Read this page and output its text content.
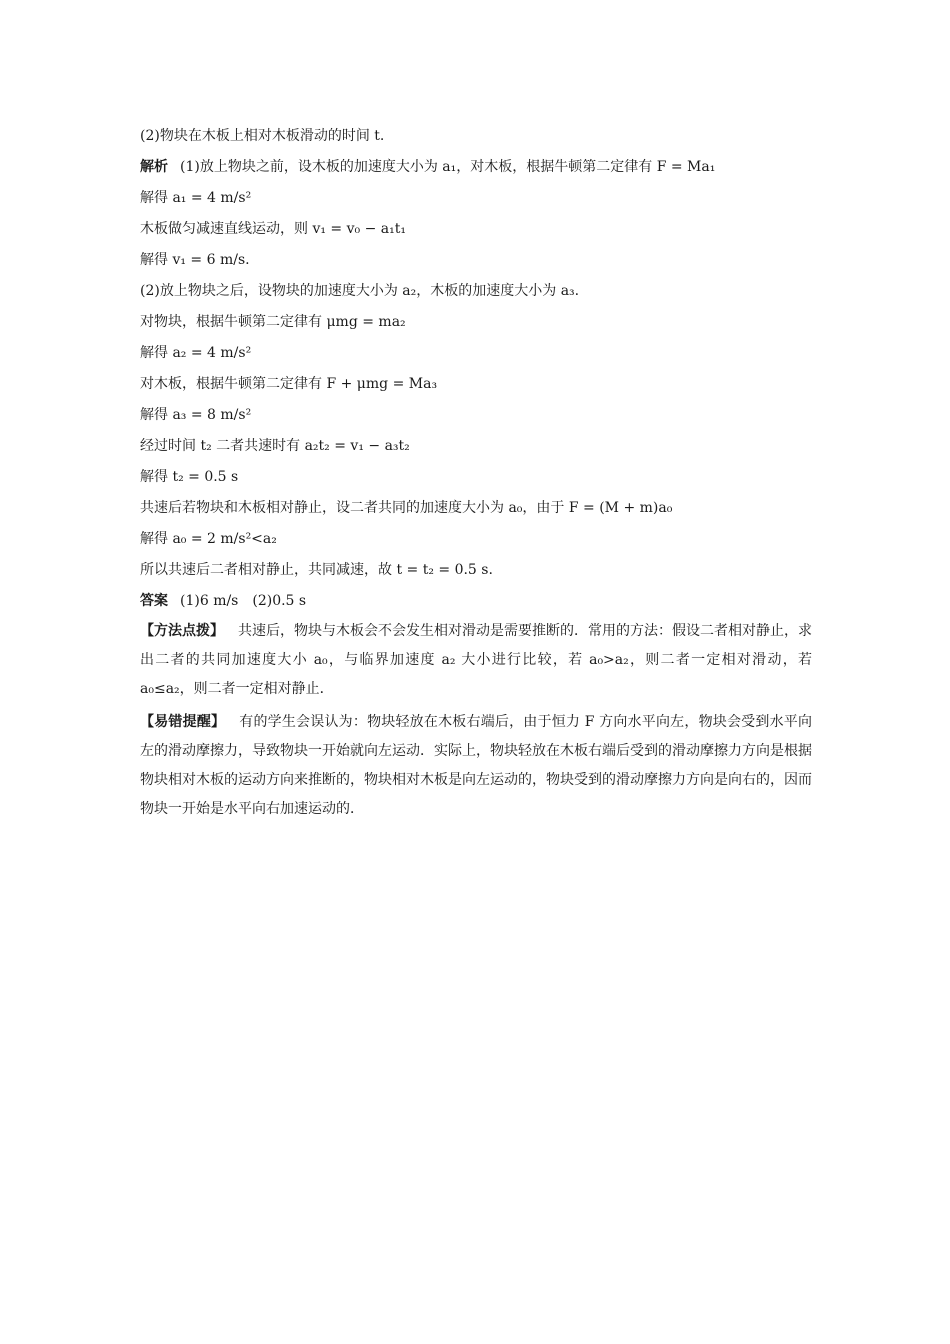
(2)物块在木板上相对木板滑动的时间 t.
解析 (1)放上物块之前，设木板的加速度大小为 a₁，对木板，根据牛顿第二定律有 F = Ma₁
解得 a₁ = 4 m/s²
木板做匀减速直线运动，则 v₁ = v₀ − a₁t₁
解得 v₁ = 6 m/s.
(2)放上物块之后，设物块的加速度大小为 a₂，木板的加速度大小为 a₃.
对物块，根据牛顿第二定律有 μmg = ma₂
解得 a₂ = 4 m/s²
对木板，根据牛顿第二定律有 F + μmg = Ma₃
解得 a₃ = 8 m/s²
经过时间 t₂ 二者共速时有 a₂t₂ = v₁ − a₃t₂
解得 t₂ = 0.5 s
共速后若物块和木板相对静止，设二者共同的加速度大小为 a₀，由于 F = (M + m)a₀
解得 a₀ = 2 m/s²<a₂
所以共速后二者相对静止，共同减速，故 t = t₂ = 0.5 s.
答案 (1)6 m/s　(2)0.5 s
【方法点拨】 共速后，物块与木板会不会发生相对滑动是需要推断的．常用的方法：假设二者相对静止，求出二者的共同加速度大小 a₀，与临界加速度 a₂ 大小进行比较，若 a₀>a₂，则二者一定相对滑动，若 a₀≤a₂，则二者一定相对静止．
【易错提醒】 有的学生会误认为：物块轻放在木板右端后，由于恒力 F 方向水平向左，物块会受到水平向左的滑动摩擦力，导致物块一开始就向左运动．实际上，物块轻放在木板右端后受到的滑动摩擦力方向是根据物块相对木板的运动方向来推断的，物块相对木板是向左运动的，物块受到的滑动摩擦力方向是向右的，因而物块一开始是水平向右加速运动的．
